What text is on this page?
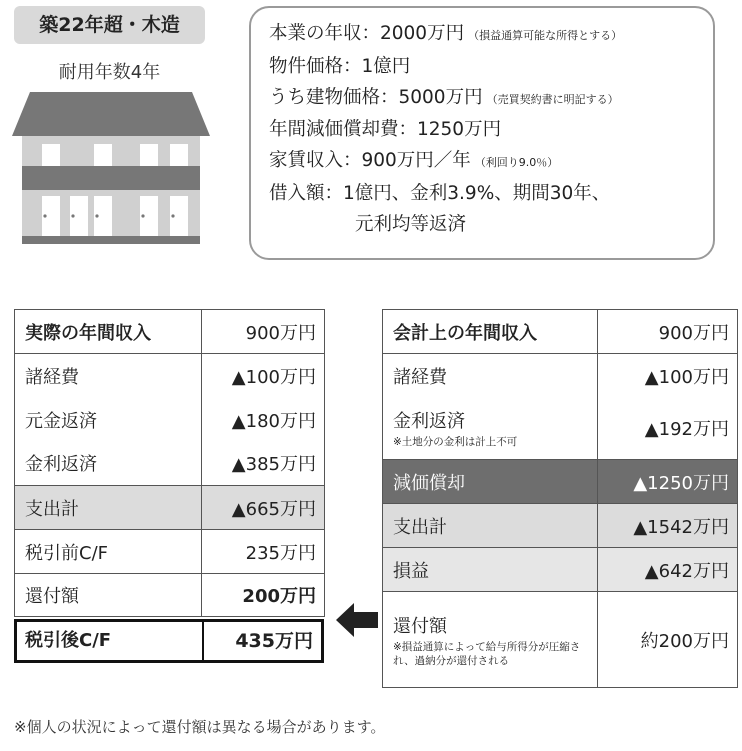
築22年超・木造
耐用年数4年
本業の年収：2000万円 （損益通算可能な所得とする）
物件価格：1億円
うち建物価格：5000万円 （売買契約書に明記する）
年間減価償却費：1250万円
家賃収入：900万円／年 （利回り9.0％）
借入額：1億円、金利3.9%、期間30年、
元利均等返済
実際の年間収入	900万円
諸経費	▲100万円
元金返済	▲180万円
金利返済	▲385万円
支出計	▲665万円
税引前C/F	235万円
還付額	200万円
税引後C/F	435万円
会計上の年間収入	900万円
諸経費	▲100万円
金利返済
※土地分の金利は計上不可	▲192万円
減価償却	▲1250万円
支出計	▲1542万円
損益	▲642万円
還付額
※損益通算によって給与所得分が圧縮され、過納分が還付される	約200万円
※個人の状況によって還付額は異なる場合があります。
